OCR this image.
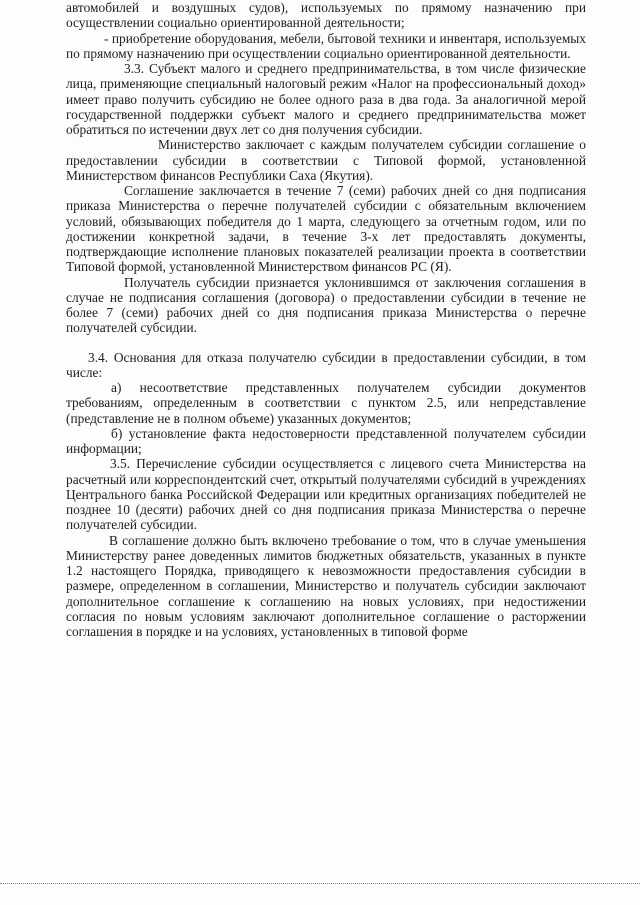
автомобилей и воздушных судов), используемых по прямому назначению при осуществлении социально ориентированной деятельности;

- приобретение оборудования, мебели, бытовой техники и инвентаря, используемых по прямому назначению при осуществлении социально ориентированной деятельности.

3.3. Субъект малого и среднего предпринимательства, в том числе физические лица, применяющие специальный налоговый режим «Налог на профессиональный доход» имеет право получить субсидию не более одного раза в два года. За аналогичной мерой государственной поддержки субъект малого и среднего предпринимательства может обратиться по истечении двух лет со дня получения субсидии.

Министерство заключает с каждым получателем субсидии соглашение о предоставлении субсидии в соответствии с Типовой формой, установленной Министерством финансов Республики Саха (Якутия).

Соглашение заключается в течение 7 (семи) рабочих дней со дня подписания приказа Министерства о перечне получателей субсидии с обязательным включением условий, обязывающих победителя до 1 марта, следующего за отчетным годом, или по достижении конкретной задачи, в течение 3-х лет предоставлять документы, подтверждающие исполнение плановых показателей реализации проекта в соответствии Типовой формой, установленной Министерством финансов РС (Я).

Получатель субсидии признается уклонившимся от заключения соглашения в случае не подписания соглашения (договора) о предоставлении субсидии в течение не более 7 (семи) рабочих дней со дня подписания приказа Министерства о перечне получателей субсидии.

3.4. Основания для отказа получателю субсидии в предоставлении субсидии, в том числе:

а) несоответствие представленных получателем субсидии документов требованиям, определенным в соответствии с пунктом 2.5, или непредставление (представление не в полном объеме) указанных документов;

б) установление факта недостоверности представленной получателем субсидии информации;

3.5. Перечисление субсидии осуществляется с лицевого счета Министерства на расчетный или корреспондентский счет, открытый получателями субсидий в учреждениях Центрального банка Российской Федерации или кредитных организациях победителей не позднее 10 (десяти) рабочих дней со дня подписания приказа Министерства о перечне получателей субсидии.

В соглашение должно быть включено требование о том, что в случае уменьшения Министерству ранее доведенных лимитов бюджетных обязательств, указанных в пункте 1.2 настоящего Порядка, приводящего к невозможности предоставления субсидии в размере, определенном в соглашении, Министерство и получатель субсидии заключают дополнительное соглашение к соглашению на новых условиях, при недостижении согласия по новым условиям заключают дополнительное соглашение о расторжении соглашения в порядке и на условиях, установленных в типовой форме
